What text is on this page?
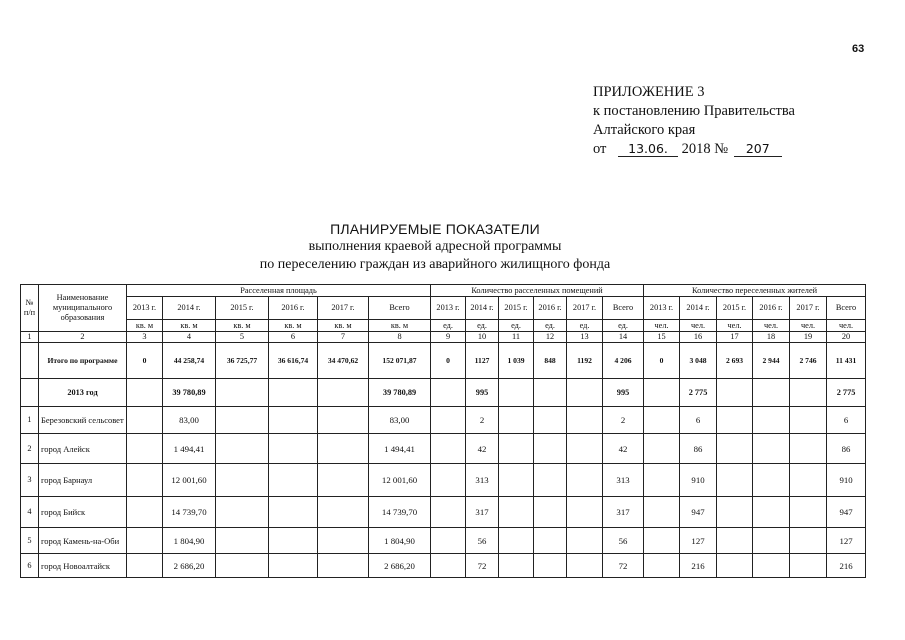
63
ПРИЛОЖЕНИЕ 3
к постановлению Правительства
Алтайского края
от 13.06. 2018 № 207
ПЛАНИРУЕМЫЕ ПОКАЗАТЕЛИ
выполнения краевой адресной программы
по переселению граждан из аварийного жилищного фонда
№ п/п	Наименование муниципального образования	Расселенная площадь						Количество расселенных помещений						Количество переселенных жителей					
		2013 г.	2014 г.	2015 г.	2016 г.	2017 г.	Всего	2013 г.	2014 г.	2015 г.	2016 г.	2017 г.	Всего	2013 г.	2014 г.	2015 г.	2016 г.	2017 г.	Всего
		кв. м	кв. м	кв. м	кв. м	кв. м	кв. м	ед.	ед.	ед.	ед.	ед.	ед.	чел.	чел.	чел.	чел.	чел.	чел.
1	2	3	4	5	6	7	8	9	10	11	12	13	14	15	16	17	18	19	20
	Итого по программе	0	44 258,74	36 725,77	36 616,74	34 470,62	152 071,87	0	1127	1 039	848	1192	4 206	0	3 048	2 693	2 944	2 746	11 431
	2013 год		39 780,89				39 780,89		995				995		2 775				2 775
1	Березовский сельсовет		83,00				83,00		2				2		6				6
2	город Алейск		1 494,41				1 494,41		42				42		86				86
3	город Барнаул		12 001,60				12 001,60		313				313		910				910
4	город Бийск		14 739,70				14 739,70		317				317		947				947
5	город Камень-на-Оби		1 804,90				1 804,90		56				56		127				127
6	город Новоалтайск		2 686,20				2 686,20		72				72		216				216
